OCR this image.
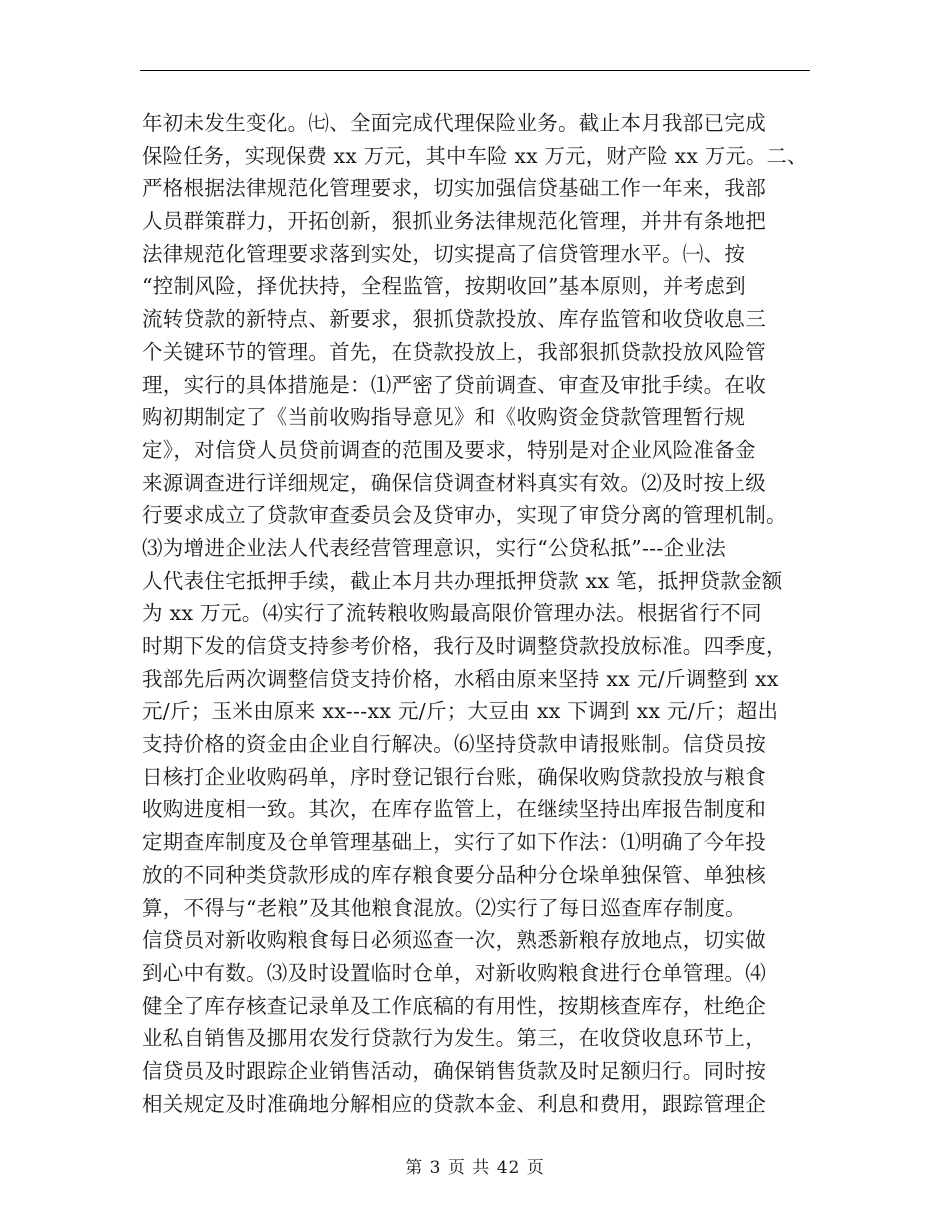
年初未发生变化。㈦、全面完成代理保险业务。截止本月我部已完成
保险任务，实现保费 xx 万元，其中车险 xx 万元，财产险 xx 万元。二、
严格根据法律规范化管理要求，切实加强信贷基础工作一年来，我部
人员群策群力，开拓创新，狠抓业务法律规范化管理，并井有条地把
法律规范化管理要求落到实处，切实提高了信贷管理水平。㈠、按
“控制风险，择优扶持，全程监管，按期收回”基本原则，并考虑到
流转贷款的新特点、新要求，狠抓贷款投放、库存监管和收贷收息三
个关键环节的管理。首先，在贷款投放上，我部狠抓贷款投放风险管
理，实行的具体措施是：⑴严密了贷前调查、审查及审批手续。在收
购初期制定了《当前收购指导意见》和《收购资金贷款管理暂行规
定》，对信贷人员贷前调查的范围及要求，特别是对企业风险准备金
来源调查进行详细规定，确保信贷调查材料真实有效。⑵及时按上级
行要求成立了贷款审查委员会及贷审办，实现了审贷分离的管理机制。
⑶为增进企业法人代表经营管理意识，实行“公贷私抵”---企业法
人代表住宅抵押手续，截止本月共办理抵押贷款 xx 笔，抵押贷款金额
为 xx 万元。⑷实行了流转粮收购最高限价管理办法。根据省行不同
时期下发的信贷支持参考价格，我行及时调整贷款投放标准。四季度，
我部先后两次调整信贷支持价格，水稻由原来坚持 xx 元/斤调整到 xx
元/斤；玉米由原来 xx---xx 元/斤；大豆由 xx 下调到 xx 元/斤；超出
支持价格的资金由企业自行解决。⑹坚持贷款申请报账制。信贷员按
日核打企业收购码单，序时登记银行台账，确保收购贷款投放与粮食
收购进度相一致。其次，在库存监管上，在继续坚持出库报告制度和
定期查库制度及仓单管理基础上，实行了如下作法：⑴明确了今年投
放的不同种类贷款形成的库存粮食要分品种分仓垛单独保管、单独核
算，不得与“老粮”及其他粮食混放。⑵实行了每日巡查库存制度。
信贷员对新收购粮食每日必须巡查一次，熟悉新粮存放地点，切实做
到心中有数。⑶及时设置临时仓单，对新收购粮食进行仓单管理。⑷
健全了库存核查记录单及工作底稿的有用性，按期核查库存，杜绝企
业私自销售及挪用农发行贷款行为发生。第三，在收贷收息环节上，
信贷员及时跟踪企业销售活动，确保销售货款及时足额归行。同时按
相关规定及时准确地分解相应的贷款本金、利息和费用，跟踪管理企
第 3 页 共 42 页
